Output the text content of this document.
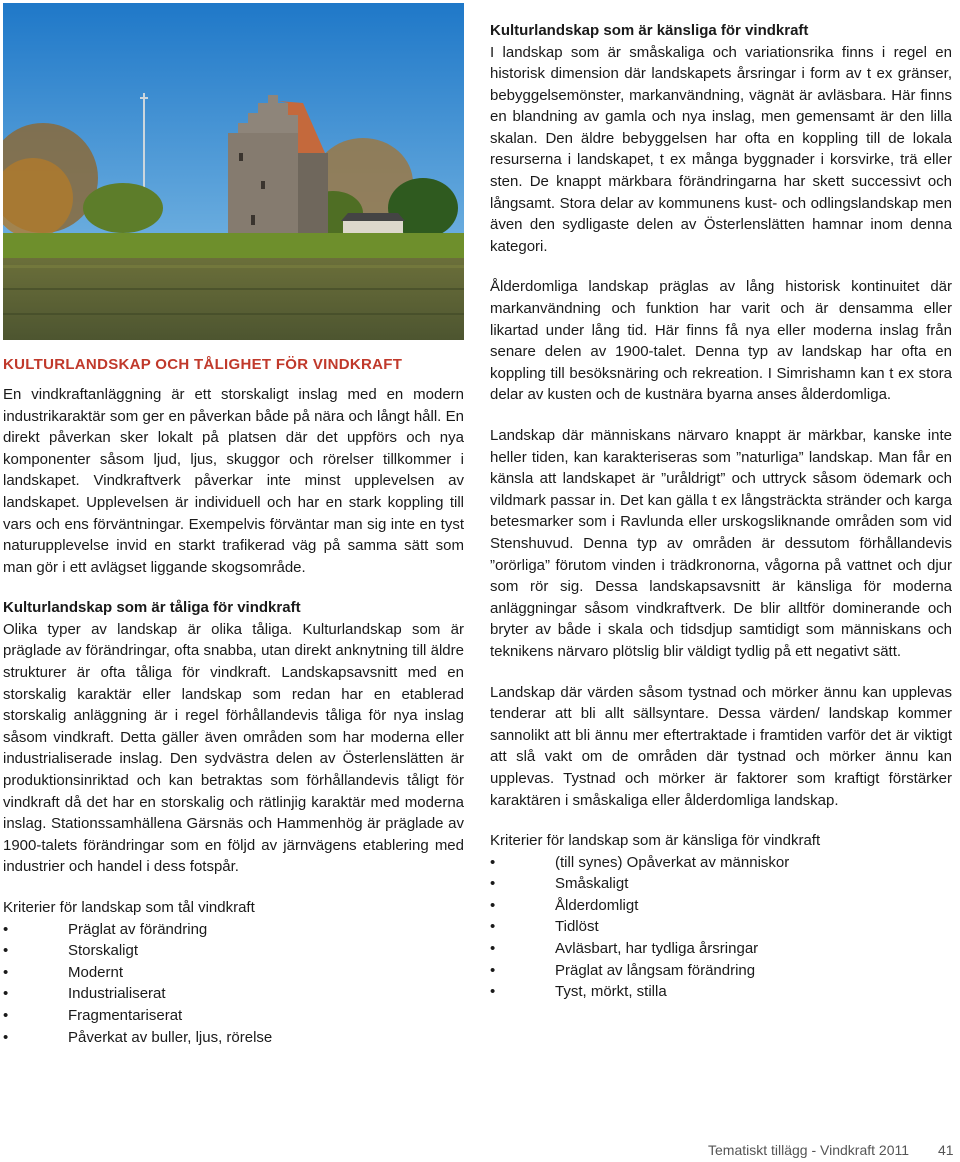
KULTURLANDSKAP OCH TÅLIGHET FÖR VINDKRAFT

En vindkraftanläggning är ett storskaligt inslag med en modern industrikaraktär som ger en påverkan både på nära och långt håll. En direkt påverkan sker lokalt på platsen där det uppförs och nya komponenter såsom ljud, ljus, skuggor och rörelser tillkommer i landskapet. Vindkraftverk påverkar inte minst upplevelsen av landskapet. Upplevelsen är individuell och har en stark koppling till vars och ens förväntningar. Exempelvis förväntar man sig inte en tyst naturupplevelse invid en starkt trafikerad väg på samma sätt som man gör i ett avlägset liggande skogsområde.

Kulturlandskap som är tåliga för vindkraft

Olika typer av landskap är olika tåliga. Kulturlandskap som är präglade av förändringar, ofta snabba, utan direkt anknytning till äldre strukturer är ofta tåliga för vindkraft. Landskapsavsnitt med en storskalig karaktär eller landskap som redan har en etablerad storskalig anläggning är i regel förhållandevis tåliga för nya inslag såsom vindkraft. Detta gäller även områden som har moderna eller industrialiserade inslag. Den sydvästra delen av Österlenslätten är produktionsinriktad och kan betraktas som förhållandevis tåligt för vindkraft då det har en storskalig och rätlinjig karaktär med moderna inslag. Stationssamhällena Gärsnäs och Hammenhög är präglade av 1900-talets förändringar som en följd av järnvägens etablering med industrier och handel i dess fotspår.

Kriterier för landskap som tål vindkraft
•	Präglat av förändring
•	Storskaligt
•	Modernt
•	Industrialiserat
•	Fragmentariserat
•	Påverkat av buller, ljus, rörelse
Kulturlandskap som är känsliga för vindkraft

I landskap som är småskaliga och variationsrika finns i regel en historisk dimension där landskapets årsringar i form av t ex gränser, bebyggelsemönster, markanvändning, vägnät är avläsbara. Här finns en blandning av gamla och nya inslag, men gemensamt är den lilla skalan. Den äldre bebyggelsen har ofta en koppling till de lokala resurserna i landskapet, t ex många byggnader i korsvirke, trä eller sten. De knappt märkbara förändringarna har skett successivt och långsamt. Stora delar av kommunens kust- och odlingslandskap men även den sydligaste delen av Österlenslätten hamnar inom denna kategori.

Ålderdomliga landskap präglas av lång historisk kontinuitet där markanvändning och funktion har varit och är densamma eller likartad under lång tid. Här finns få nya eller moderna inslag från senare delen av 1900-talet. Denna typ av landskap har ofta en koppling till besöksnäring och rekreation. I Simrishamn kan t ex stora delar av kusten och de kustnära byarna anses ålderdomliga.

Landskap där människans närvaro knappt är märkbar, kanske inte heller tiden, kan karakteriseras som ”naturliga” landskap. Man får en känsla att landskapet är ”uråldrigt” och uttryck såsom ödemark och vildmark passar in. Det kan gälla t ex långsträckta stränder och karga betesmarker som i Ravlunda eller urskogsliknande områden som vid Stenshuvud. Denna typ av områden är dessutom förhållandevis ”orörliga” förutom vinden i trädkronorna, vågorna på vattnet och djur som rör sig. Dessa landskapsavsnitt är känsliga för moderna anläggningar såsom vindkraftverk. De blir alltför dominerande och bryter av både i skala och tidsdjup samtidigt som människans och teknikens närvaro plötslig blir väldigt tydlig på ett negativt sätt.

Landskap där värden såsom tystnad och mörker ännu kan upplevas tenderar att bli allt sällsyntare. Dessa värden/ landskap kommer sannolikt att bli ännu mer eftertraktade i framtiden varför det är viktigt att slå vakt om de områden där tystnad och mörker ännu kan upplevas. Tystnad och mörker är faktorer som kraftigt förstärker karaktären i småskaliga eller ålderdomliga landskap.

Kriterier för landskap som är känsliga för vindkraft
•	(till synes) Opåverkat av människor
•	Småskaligt
•	Ålderdomligt
•	Tidlöst
•	Avläsbart, har tydliga årsringar
•	Präglat av långsam förändring
•	Tyst, mörkt, stilla
Tematiskt tillägg - Vindkraft 2011 41
